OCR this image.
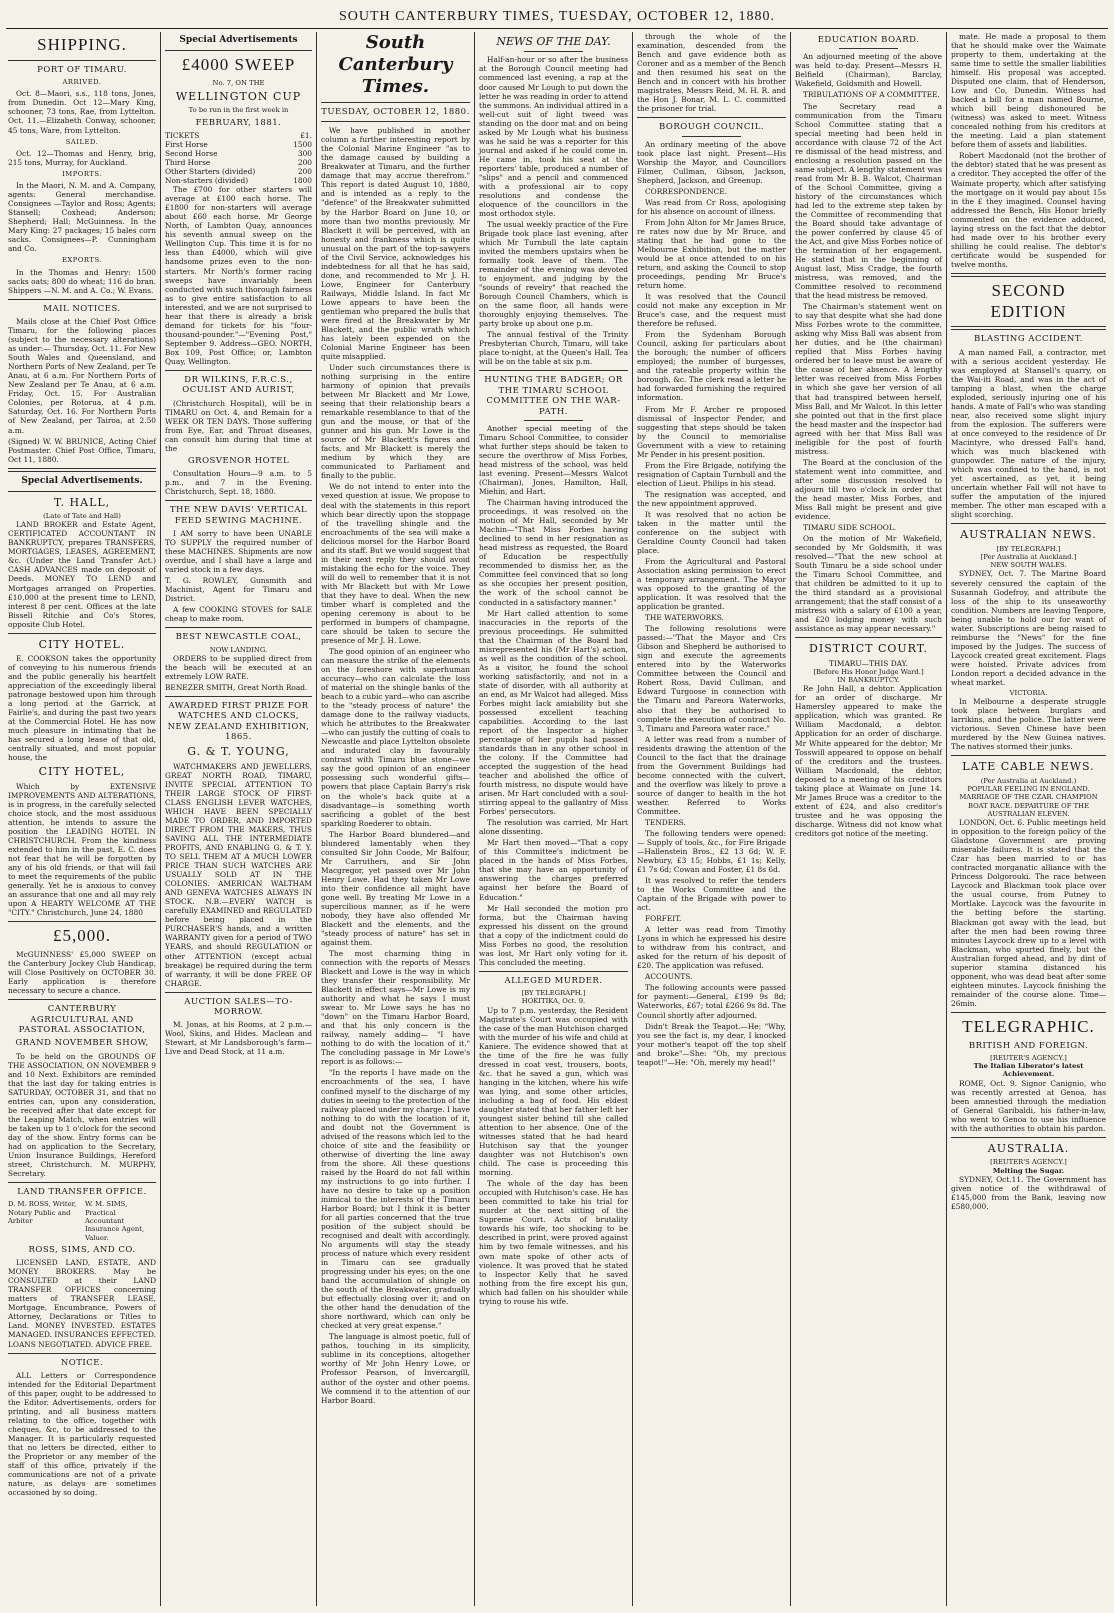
SOUTH CANTERBURY TIMES, TUESDAY, OCTOBER 12, 1880.
SHIPPING.
PORT OF TIMARU.
ARRIVED.

Oct. 8—Maori, s.s., 118 tons, Jones, from Dunedin. Oct 12—Mary King, schooner, 73 tons, Rae, from Lyttelton. Oct. 11.—Elizabeth Conway, schooner, 45 tons, Ware, from Lyttelton.

SAILED.

Oct. 12—Thomas and Henry, brig, 215 tons, Murray, for Auckland.

IMPORTS.

In the Maori, N. M. and A. Company, agents: General merchandise. Consignees —Taylor and Ross; Agents; Stansell; Coxhead; Anderson; Shepherd; Hall; McGuinness. In the Mary King: 27 packages; 15 bales corn sacks. Consignees—P. Cunningham and Co.

EXPORTS.

In the Thomas and Henry: 1500 sacks oats; 800 do wheat; 116 do bran. Shippers —N. M. and A. Co.; W. Evans.

MAIL NOTICES.

Mails close at the Chief Post Office Timaru, for the following places (subject to the necessary alterations) as under:— Thursday, Oct. 11. For New South Wales and Queensland, and Northern Ports of New Zealand, per Te Anau, at 6 a.m. For Northern Ports of New Zealand per Te Anau, at 6 a.m. Friday, Oct. 15. For Australian Colonies, per Rotorua, at 4 p.m. Saturday, Oct. 16. For Northern Ports of New Zealand, per Tairoa, at 2.50 a.m.

(Signed) W. W. BRUNICE, Acting Chief Postmaster. Chief Post Office, Timaru, Oct 11, 1880.

Special Advertisements.
T. HALL,
(Late of Tate and Hall)

LAND BROKER and Estate Agent, CERTIFICATED ACCOUNTANT IN BANKRUPTCY, prepares TRANSFERS, MORTGAGES, LEASES, AGREEMENT, &c. (Under the Land Transfer Act.) CASH ADVANCES made on deposit of Deeds. MONEY TO LEND and Mortgages arranged on Properties. £10,000 at the present time to LEND, interest 8 per cent. Offices at the late Bissell Ritchie and Co's Stores, opposite Club Hotel.

CITY HOTEL.

E. COOKSON takes the opportunity of conveying to his numerous friends and the public generally his heartfelt appreciation of the exceedingly liberal patronage bestowed upon him through a long period at the Garrick, at Fairlie's, and during the past two years at the Commercial Hotel. He has now much pleasure in intimating that he has secured a long lease of that old, centrally situated, and most popular house, the

CITY HOTEL,

Which by EXTENSIVE IMPROVEMENTS AND ALTERATIONS, is in progress, in the carefully selected choice stock, and the most assiduous attention, he intends to assure the position the LEADING HOTEL IN CHRISTCHURCH. From the kindness extended to him in the past, E. C. does not fear that he will be forgotten by any of his old friends, or that will fail to meet the requirements of the public generally. Yet he is anxious to convey an assurance that one and all may rely upon A HEARTY WELCOME AT THE "CITY." Christchurch, June 24, 1880

£5,000.

McGUINNESS' £5,000 SWEEP on the Canterbury Jockey Club Handicap, will Close Positively on OCTOBER 30. Early application is therefore necessary to secure a chance.

CANTERBURY AGRICULTURAL AND PASTORAL ASSOCIATION,
GRAND NOVEMBER SHOW,

To be held on the GROUNDS OF THE ASSOCIATION, ON NOVEMBER 9 and 10 Next. Exhibitors are reminded that the last day for taking entries is SATURDAY, OCTOBER 31, and that no entries can, upon any consideration, be received after that date except for the Leaping Match, when entries will be taken up to 1 o'clock for the second day of the show. Entry forms can be had on application to the Secretary, Union Insurance Buildings, Hereford street, Christchurch. M. MURPHY, Secretary.

LAND TRANSFER OFFICE.
D. M. ROSS, Writer, Notary Public and Arbiter
W. M. SIMS, Practical Accountant Insurance Agent, Valuer.
ROSS, SIMS, AND CO.

LICENSED LAND, ESTATE, AND MONEY BROKERS. May be CONSULTED at their LAND TRANSFER OFFICES concerning matters of TRANSFER LEASE, Mortgage, Encumbrance, Powers of Attorney, Declarations or Titles to Land. MONEY INVESTED. ESTATES MANAGED. INSURANCES EFFECTED. LOANS NEGOTIATED. ADVICE FREE.

NOTICE.

ALL Letters or Correspondence intended for the Editorial Department of this paper, ought to be addressed to the Editor. Advertisements, orders for printing, and all business matters relating to the office, together with cheques, &c, to be addressed to the Manager. It is particularly requested that no letters be directed, either to the Proprietor or any member of the staff of this office, privately if the communications are not of a private nature, as delays are sometimes occasioned by so doing.

Special Advertisements
£4000 SWEEP
No. 7, ON THE
WELLINGTON CUP
To be run in the first week in
FEBRUARY, 1881.
TICKETS	£1.
First Horse	1500
Second Horse	300
Third Horse	200
Other Starters (divided)	200
Non-starters (divided)	1800

The £700 for other starters will average at £100 each horse. The £1800 for non-starters will average about £60 each horse. Mr George North, of Lambton Quay, announces his seventh annual sweep on the Wellington Cup. This time it is for no less than £4000, which will give handsome prizes even to the non-starters. Mr North's former racing sweeps have invariably been conducted with such thorough fairness as to give entire satisfaction to all interested, and we are not surprised to hear that there is already a brisk demand for tickets for his "four-thousand-pounder."—"Evening Post," September 9. Address—GEO. NORTH, Box 109, Post Office; or, Lambton Quay, Wellington.

DR WILKINS, F.R.C.S., OCULIST AND AURIST,

(Christchurch Hospital), will be in TIMARU on Oct. 4, and Remain for a WEEK OR TEN DAYS. Those suffering from Eye, Ear, and Throat diseases, can consult him during that time at the

GROSVENOR HOTEL

Consultation Hours—9 a.m. to 5 p.m., and 7 in the Evening. Christchurch, Sept. 18, 1880.

THE NEW DAVIS' VERTICAL FEED SEWING MACHINE.

I AM sorry to have been UNABLE TO SUPPLY the required number of these MACHINES. Shipments are now overdue, and I shall have a large and varied stock in a few days.

T. G. ROWLEY, Gunsmith and Machinist, Agent for Timaru and District.

A few COOKING STOVES for SALE cheap to make room.

BEST NEWCASTLE COAL,
NOW LANDING.

ORDERS to be supplied direct from the beach will be executed at an extremely LOW RATE.

BENEZER SMITH, Great North Road.

AWARDED FIRST PRIZE FOR WATCHES AND CLOCKS, NEW ZEALAND EXHIBITION, 1865.
G. & T. YOUNG,

WATCHMAKERS AND JEWELLERS, GREAT NORTH ROAD, TIMARU, INVITE SPECIAL ATTENTION TO THEIR LARGE STOCK OF FIRST-CLASS ENGLISH LEVER WATCHES, WHICH HAVE BEEN SPECIALLY MADE TO ORDER, AND IMPORTED DIRECT FROM THE MAKERS, THUS SAVING ALL THE INTERMEDIATE PROFITS, AND ENABLING G. & T. Y. TO SELL THEM AT A MUCH LOWER PRICE THAN SUCH WATCHES ARE USUALLY SOLD AT IN THE COLONIES. AMERICAN WALTHAM AND GENEVA WATCHES ALWAYS IN STOCK. N.B.—EVERY WATCH is carefully EXAMINED and REGULATED before being placed in the PURCHASER'S hands, and a written WARRANTY given for a period of TWO YEARS, and should REGULATION or other ATTENTION (except actual breakage) be required during the term of warranty, it will be done FREE OF CHARGE.

AUCTION SALES—TO-MORROW.

M. Jonas, at his Rooms, at 2 p.m.—Wool, Skins, and Hides. Maclean and Stewart, at Mr Landsborough's farm—Live and Dead Stock, at 11 a.m.

South Canterbury Times.
TUESDAY, OCTOBER 12, 1880.

We have published in another column a further interesting report by the Colonial Marine Engineer "as to the damage caused by building a Breakwater at Timaru, and the further damage that may accrue therefrom." This report is dated August 10, 1880, and is intended as a reply to the "defence" of the Breakwater submitted by the Harbor Board on June 10, or more than two months previously. Mr Blackett it will be perceived, with an honesty and frankness which is quite unusual on the part of the top-sawyers of the Civil Service, acknowledges his indebtedness for all that he has said, done, and recommended to Mr J. H. Lowe, Engineer for Canterbury Railways, Middle Island. In fact Mr Lowe appears to have been the gentleman who prepared the bulls that were fired at the Breakwater by Mr Blackett, and the public wrath which has lately been expended on the Colonial Marine Engineer has been quite misapplied.

Under such circumstances there is nothing surprising in the entire harmony of opinion that prevails between Mr Blackett and Mr Lowe, seeing that their relationship bears a remarkable resemblance to that of the gun and the mouse, or that of the gunner and his gun. Mr Lowe is the source of Mr Blackett's figures and facts, and Mr Blackett is merely the medium by which they are communicated to Parliament and finally to the public.

We do not intend to enter into the vexed question at issue. We propose to deal with the statements in this report which bear directly upon the stoppage of the travelling shingle and the encroachments of the sea will make a delicious morsel for the Harbor Board and its staff. But we would suggest that in their next reply they should avoid mistaking the echo for the voice. They will do well to remember that it is not with Mr Blackett but with Mr Lowe that they have to deal. When the new timber wharf is completed and the opening ceremony is about to be performed in bumpers of champagne, care should be taken to secure the presence of Mr J. H. Lowe.

The good opinion of an engineer who can measure the strike of the elements on the foreshore with superhuman accuracy—who can calculate the loss of material on the shingle banks of the beach to a cubic yard—who can ascribe to the "steady process of nature" the damage done to the railway viaducts, which he attributes to the Breakwater—who can justify the cutting of coals to Newcastle and place Lyttelton obsolete and indurated clay in favourably contrast with Timaru blue stone—we say the good opinion of an engineer possessing such wonderful gifts—powers that place Captain Barry's risk on the whole's back quite at a disadvantage—is something worth sacrificing a goblet of the best sparkling Roederer to obtain.

The Harbor Board blundered—and blundered lamentably when they consulted Sir John Coode, Mr Balfour, Mr Carruthers, and Sir John Macgregor, yet passed over Mr John Henry Lowe. Had they taken Mr Lowe into their confidence all might have gone well. By treating Mr Lowe in a supercilious manner, as if he were nobody, they have also offended Mr Blackett and the elements, and the "steady process of nature" has set in against them.

The most charming thing in connection with the reports of Messrs Blackett and Lowe is the way in which they transfer their responsibility. Mr Blackett in effect says—Mr Lowe is my authority and what he says I must swear to. Mr Lowe says he has no "down" on the Timaru Harbor Board, and that his only concern is the railway, namely adding— "I have nothing to do with the location of it." The concluding passage in Mr Lowe's report is as follows:—

"In the reports I have made on the encroachments of the sea, I have confined myself to the discharge of my duties in seeing to the protection of the railway placed under my charge. I have nothing to do with the location of it, and doubt not the Government is advised of the reasons which led to the choice of site and the feasibility or otherwise of diverting the line away from the shore. All these questions raised by the Board do not fall within my instructions to go into further. I have no desire to take up a position inimical to the interests of the Timaru Harbor Board; but I think it is better for all parties concerned that the true position of the subject should be recognised and dealt with accordingly. No arguments will stay the steady process of nature which every resident in Timaru can see gradually progressing under his eyes; on the one hand the accumulation of shingle on the south of the Breakwater, gradually but effectually closing over it; and on the other hand the denudation of the shore northward, which can only be checked at very great expense."

The language is almost poetic, full of pathos, touching in its simplicity, sublime in its conceptions, altogether worthy of Mr John Henry Lowe, or Professor Pearson, of Invercargill, author of the oyster and other poems. We commend it to the attention of our Harbor Board.

NEWS OF THE DAY.

Half-an-hour or so after the business at the Borough Council meeting had commenced last evening, a rap at the door caused Mr Lough to put down the letter he was reading in order to attend the summons. An individual attired in a well-cut suit of light tweed was standing on the door mat and on being asked by Mr Lough what his business was he said he was a reporter for this journal and asked if he could come in. He came in, took his seat at the reporters' table, produced a number of "slips" and a pencil and commenced with a professional air to copy resolutions and condense the eloquence of the councillors in the most orthodox style.

The usual weekly practice of the Fire Brigade took place last evening, after which Mr Turnbull the late captain invited the members upstairs when he formally took leave of them. The remainder of the evening was devoted to enjoyment, and judging by the "sounds of revelry" that reached the Borough Council Chambers, which is on the same floor, all hands were thoroughly enjoying themselves. The party broke up about one p.m.

The annual festival of the Trinity Presbyterian Church, Timaru, will take place to-night, at the Queen's Hall. Tea will be on the table at six p.m.

HUNTING THE BADGER; OR THE TIMARU SCHOOL COMMITTEE ON THE WAR-PATH.

Another special meeting of the Timaru School Committee, to consider what further steps should be taken to secure the overthrow of Miss Forbes, head mistress of the school, was held last evening. Present—Messrs Walcot (Chairman), Jones, Hamilton, Hall, Miehin, and Hart.

The Chairman having introduced the proceedings, it was resolved on the motion of Mr Hall, seconded by Mr Machin—"That Miss Forbes having declined to send in her resignation as head mistress as requested, the Board of Education be respectfully recommended to dismiss her, as the Committee feel convinced that so long as she occupies her present position, the work of the school cannot be conducted in a satisfactory manner."

Mr Hart called attention to some inaccuracies in the reports of the previous proceedings. He submitted that the Chairman of the Board had misrepresented his (Mr Hart's) action, as well as the condition of the school. As a visitor, he found the school working satisfactorily, and not in a state of disorder, with all authority at an end, as Mr Walcot had alleged. Miss Forbes might lack amiability but she possessed excellent teaching capabilities. According to the last report of the Inspector a higher percentage of her pupils had passed standards than in any other school in the colony. If the Committee had accepted the suggestion of the head teacher and abolished the office of fourth mistress, no dispute would have arisen. Mr Hart concluded with a soul-stirring appeal to the gallantry of Miss Forbes' persecutors.

The resolution was carried, Mr Hart alone dissenting.

Mr Hart then moved—"That a copy of this Committee's indictment be placed in the hands of Miss Forbes, that she may have an opportunity of answering the charges preferred against her before the Board of Education."

Mr Hall seconded the motion pro forma, but the Chairman having expressed his dissent on the ground that a copy of the indictment could do Miss Forbes no good, the resolution was lost, Mr Hart only voting for it. This concluded the meeting.

ALLEGED MURDER.
[BY TELEGRAPH.]
HOKITIKA, Oct. 9.

Up to 7 p.m. yesterday, the Resident Magistrate's Court was occupied with the case of the man Hutchison charged with the murder of his wife and child at Kaniere. The evidence showed that at the time of the fire he was fully dressed in coat vest, trousers, boots, &c. that he saved a gun, which was hanging in the kitchen, where his wife was lying, and some other articles, including a bag of food. His eldest daughter stated that her father left her youngest sister behind till she called attention to her absence. One of the witnesses stated that he had heard Hutchison say that the younger daughter was not Hutchison's own child. The case is proceeding this morning.

The whole of the day has been occupied with Hutchison's case. He has been committed to take his trial for murder at the next sitting of the Supreme Court. Acts of brutality towards his wife, too shocking to be described in print, were proved against him by two female witnesses, and his own mate spoke of other acts of violence. It was proved that he stated to Inspector Kelly that he saved nothing from the fire except his gun, which had fallen on his shoulder while trying to rouse his wife.

through the whole of the examination, descended from the Bench and gave evidence both as Coroner and as a member of the Bench and then resumed his seat on the Bench and in concert with his brother magistrates, Messrs Reid, M. H. R. and the Hon J. Bonar, M. L. C. committed the prisoner for trial.

BOROUGH COUNCIL.

An ordinary meeting of the above took place last night. Present—His Worship the Mayor, and Councillors Filmer, Cullman, Gibson, Jackson, Shepherd, Jackson, and Greenup.

CORRESPONDENCE.

Was read from Cr Ross, apologising for his absence on account of illness.

From John Alton for Mr James Bruce, re rates now due by Mr Bruce, and stating that he had gone to the Melbourne Exhibition, but the matter would be at once attended to on his return, and asking the Council to stop proceedings, pending Mr Bruce's return home.

It was resolved that the Council could not make any exception in Mr Bruce's case, and the request must therefore be refused.

From the Sydenham Borough Council, asking for particulars about the borough; the number of officers employed; the number of burgesses, and the rateable property within the borough, &c. The clerk read a letter he had forwarded furnishing the required information.

From Mr F. Archer re proposed dismissal of Inspector Pender, and suggesting that steps should be taken by the Council to memorialise Government with a view to retaining Mr Pender in his present position.

From the Fire Brigade, notifying the resignation of Captain Turnbull and the election of Lieut. Philips in his stead.

The resignation was accepted, and the new appointment approved.

It was resolved that no action be taken in the matter until the conference on the subject with Geraldine County Council had taken place.

From the Agricultural and Pastoral Association asking permission to erect a temporary arrangement. The Mayor was opposed to the granting of the application. It was resolved that the application be granted.

THE WATERWORKS.

The following resolutions were passed:—"That the Mayor and Crs Gibson and Shepherd be authorised to sign and execute the agreements entered into by the Waterworks Committee between the Council and Robert Ross, David Cullman, and Edward Turgoose in connection with the Timaru and Pareora Waterworks, also that they be authorised to complete the execution of contract No. 3, Timaru and Pareora water race."

A letter was read from a number of residents drawing the attention of the Council to the fact that the drainage from the Government Buildings had become connected with the culvert, and the overflow was likely to prove a source of danger to health in the hot weather. Referred to Works Committee.

TENDERS.

The following tenders were opened:— Supply of tools, &c., for Fire Brigade—Hallenstein Bros., £2 13 6d; W. F. Newbury, £3 15; Hobbs, £1 1s; Kelly, £1 7s 6d; Cowan and Foster, £1 8s 6d.

It was resolved to refer the tenders to the Works Committee and the Captain of the Brigade with power to act.

FORFEIT.

A letter was read from Timothy Lyons in which he expressed his desire to withdraw from his contract, and asked for the return of his deposit of £20. The application was refused.

ACCOUNTS.

The following accounts were passed for payment:—General, £199 9s 8d; Waterworks, £67; total £266 9s 8d. The Council shortly after adjourned.

Didn't Break the Teapot.—He: "Why, you see the fact is, my dear, I knocked your mother's teapot off the top shelf and broke"—She: "Oh, my precious teapot!"—He: "Oh, merely my head!"

EDUCATION BOARD.

An adjourned meeting of the above was held to-day. Present—Messrs H. Belfield (Chairman), Barclay, Wakefield, Goldsmith and Howell.

TRIBULATIONS OF A COMMITTEE.

The Secretary read a communication from the Timaru School Committee stating that a special meeting had been held in accordance with clause 72 of the Act re dismissal of the head mistress, and enclosing a resolution passed on the same subject. A lengthy statement was read from Mr B. B. Walcot, Chairman of the School Committee, giving a history of the circumstances which had led to the extreme step taken by the Committee of recommending that the Board should take advantage of the power conferred by clause 45 of the Act, and give Miss Forbes notice of the termination of her engagement. He stated that in the beginning of August last, Miss Cradge, the fourth mistress, was removed, and the Committee resolved to recommend that the head mistress be removed.

The Chairman's statement went on to say that despite what she had done Miss Forbes wrote to the committee, asking why Miss Ball was absent from her duties, and he (the chairman) replied that Miss Forbes having ordered her to leave must be aware of the cause of her absence. A lengthy letter was received from Miss Forbes in which she gave her version of all that had transpired between herself, Miss Ball, and Mr Walcot. In this letter she pointed out that in the first place the head master and the inspector had agreed with her that Miss Ball was ineligible for the post of fourth mistress.

The Board at the conclusion of the statement went into committee, and after some discussion resolved to adjourn till two o'clock in order that the head master, Miss Forbes, and Miss Ball might be present and give evidence.

TIMARU SIDE SCHOOL.

On the motion of Mr Wakefield, seconded by Mr Goldsmith, it was resolved—"That the new school at South Timaru be a side school under the Timaru School Committee, and that children be admitted to it up to the third standard as a provisional arrangement; that the staff consist of a mistress with a salary of £100 a year, and £20 lodging money with such assistance as may appear necessary."

DISTRICT COURT.
TIMARU—THIS DAY.
[Before His Honor Judge Ward.]
IN BANKRUPTCY.

Re John Hall, a debtor. Application for an order of discharge. Mr Hamersley appeared to make the application, which was granted. Re William Macdonald, a debtor. Application for an order of discharge. Mr White appeared for the debtor; Mr Tosswill appeared to oppose on behalf of the creditors and the trustees. William Macdonald, the debtor, deposed to a meeting of his creditors taking place at Waimate on June 14. Mr James Bruce was a creditor to the extent of £24, and also creditor's trustee and he was opposing the discharge. Witness did not know what creditors got notice of the meeting.

mate. He made a proposal to them that he should make over the Waimate property to them, undertaking at the same time to settle the smaller liabilities himself. His proposal was accepted. Disputed one claim, that of Henderson, Low and Co, Dunedin. Witness had backed a bill for a man named Bourne, which bill being dishonoured he (witness) was asked to meet. Witness concealed nothing from his creditors at the meeting. Laid a plan statement before them of assets and liabilities.

Robert Macdonald (not the brother of the debtor) stated that he was present as a creditor. They accepted the offer of the Waimate property, which after satisfying the mortgage on it would pay about 15s in the £ they imagined. Counsel having addressed the Bench, His Honor briefly commented on the evidence adduced, laying stress on the fact that the debtor had made over to his brother every shilling he could realise. The debtor's certificate would be suspended for twelve months.

SECOND EDITION
BLASTING ACCIDENT.

A man named Fall, a contractor, met with a serious accident yesterday. He was employed at Stansell's quarry, on the Wai-iti Road, and was in the act of tamping a blast, when the charge exploded, seriously injuring one of his hands. A mate of Fall's who was standing near, also received some slight injury from the explosion. The sufferers were at once conveyed to the residence of Dr Macintyre, who dressed Fall's hand, which was much blackened with gunpowder. The nature of the injury, which was confined to the hand, is not yet ascertained, as yet, it being uncertain whether Fall will not have to suffer the amputation of the injured member. The other man escaped with a slight scorching.

AUSTRALIAN NEWS.
[BY TELEGRAPH.]
[Per Australia at Auckland.]
NEW SOUTH WALES.

SYDNEY, Oct. 7. The Marine Board severely censured the captain of the Susannah Godefroy, and attribute the loss of the ship to its unseaworthy condition. Numbers are leaving Tenpore, being unable to hold our for want of water. Subscriptions are being raised to reimburse the "News" for the fine imposed by the Judges. The success of Laycock created great excitement. Flags were hoisted. Private advices from London report a decided advance in the wheat market.

VICTORIA.

In Melbourne a desperate struggle took place between burglars and larrikins, and the police. The latter were victorious. Seven Chinese have been murdered by the New Guinea natives. The natives stormed their junks.

LATE CABLE NEWS.
(Per Australia at Auckland.)
POPULAR FEELING IN ENGLAND. MARRIAGE OF THE CZAR. CHAMPION BOAT RACE. DEPARTURE OF THE AUSTRALIAN ELEVEN.

LONDON, Oct. 6. Public meetings held in opposition to the foreign policy of the Gladstone Government are proving miserable failures. It is stated that the Czar has been married to or has contracted morganatic alliance with the Princess Dolgorouki. The race between Laycock and Blackman took place over the usual course, from Putney to Mortlake. Laycock was the favourite in the betting before the starting. Blackman got away with the lead, but after the men had been rowing three minutes Laycock drew up to a level with Blackman, who spurted finely, but the Australian forged ahead, and by dint of superior stamina distanced his opponent, who was dead beat after some eighteen minutes. Laycock finishing the remainder of the course alone. Time—26min.

TELEGRAPHIC.
BRITISH AND FOREIGN.
[REUTER'S AGENCY.]
The Italian Liberator's latest Achievement.

ROME, Oct. 9. Signor Canignio, who was recently arrested at Genoa, has been amnestied through the mediation of General Garibaldi, his father-in-law, who went to Genoa to use his influence with the authorities to obtain his pardon.

AUSTRALIA.
[REUTER'S AGENCY.]
Melting the Sugar.

SYDNEY, Oct.11. The Government has given notice of the withdrawal of £145,000 from the Bank, leaving now £580,000.
